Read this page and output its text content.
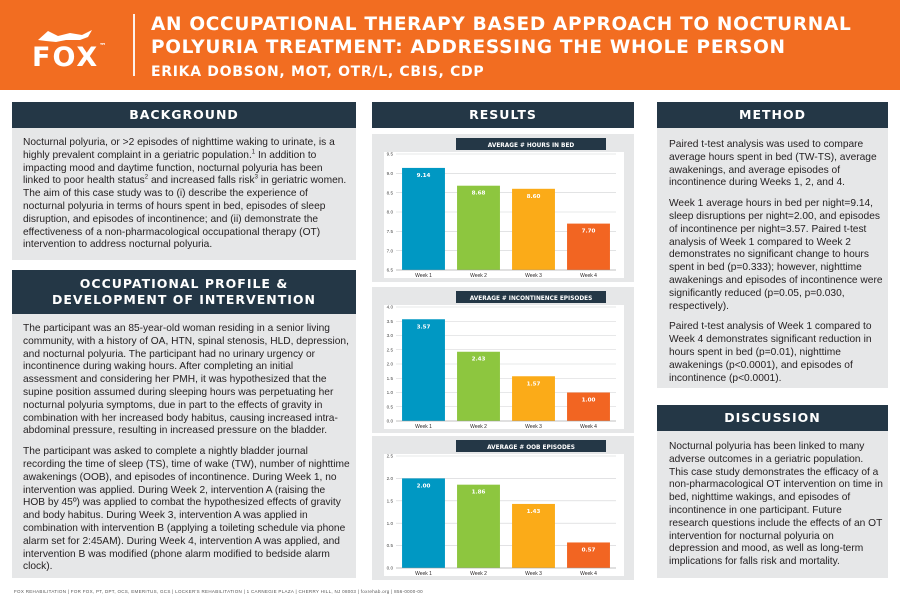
FOX™
AN OCCUPATIONAL THERAPY BASED APPROACH TO NOCTURNAL POLYURIA TREATMENT: ADDRESSING THE WHOLE PERSON
ERIKA DOBSON, MOT, OTR/L, CBIS, CDP
BACKGROUND

Nocturnal polyuria, or >2 episodes of nighttime waking to urinate, is a highly prevalent complaint in a geriatric population.$^1$ In addition to impacting mood and daytime function, nocturnal polyuria has been linked to poor health status$^2$ and increased falls risk$^3$ in geriatric women. The aim of this case study was to (i) describe the experience of nocturnal polyuria in terms of hours spent in bed, episodes of sleep disruption, and episodes of incontinence; and (ii) demonstrate the effectiveness of a non-pharmacological occupational therapy (OT) intervention to address nocturnal polyuria.

OCCUPATIONAL PROFILE &
DEVELOPMENT OF INTERVENTION

The participant was an 85-year-old woman residing in a senior living community, with a history of OA, HTN, spinal stenosis, HLD, depression, and nocturnal polyuria. The participant had no urinary urgency or incontinence during waking hours. After completing an initial assessment and considering her PMH, it was hypothesized that the supine position assumed during sleeping hours was perpetuating her nocturnal polyuria symptoms, due in part to the effects of gravity in combination with her increased body habitus, causing increased intra-abdominal pressure, resulting in increased pressure on the bladder.

The participant was asked to complete a nightly bladder journal recording the time of sleep (TS), time of wake (TW), number of nighttime awakenings (OOB), and episodes of incontinence. During Week 1, no intervention was applied. During Week 2, intervention A (raising the HOB by 45º) was applied to combat the hypothesized effects of gravity and body habitus. During Week 3, intervention A was applied in combination with intervention B (applying a toileting schedule via phone alarm set for 2:45AM). During Week 4, intervention A was applied, and intervention B was modified (phone alarm modified to bedside alarm clock).

RESULTS
AVERAGE # HOURS IN BED
6.5
7.0
7.5
8.0
8.5
9.0
9.5
9.14
Week 1
8.68
Week 2
8.60
Week 3
7.70
Week 4
AVERAGE # INCONTINENCE EPISODES
0.0
0.5
1.0
1.5
2.0
2.5
3.0
3.5
4.0
3.57
Week 1
2.43
Week 2
1.57
Week 3
1.00
Week 4
AVERAGE # OOB EPISODES
0.0
0.5
1.0
1.5
2.0
2.5
2.00
Week 1
1.86
Week 2
1.43
Week 3
0.57
Week 4
METHOD

Paired t-test analysis was used to compare average hours spent in bed (TW-TS), average awakenings, and average episodes of incontinence during Weeks 1, 2, and 4.

Week 1 average hours in bed per night=9.14, sleep disruptions per night=2.00, and episodes of incontinence per night=3.57. Paired t-test analysis of Week 1 compared to Week 2 demonstrates no significant change to hours spent in bed (p=0.333); however, nighttime awakenings and episodes of incontinence were significantly reduced (p=0.05, p=0.030, respectively).

Paired t-test analysis of Week 1 compared to Week 4 demonstrates significant reduction in hours spent in bed (p=0.01), nighttime awakenings (p<0.0001), and episodes of incontinence (p<0.0001).

DISCUSSION

Nocturnal polyuria has been linked to many adverse outcomes in a geriatric population. This case study demonstrates the efficacy of a non-pharmacological OT intervention on time in bed, nighttime wakings, and episodes of incontinence in one participant. Future research questions include the effects of an OT intervention for nocturnal polyuria on depression and mood, as well as long-term implications for falls risk and mortality.

FOX REHABILITATION | FOR FOX, PT, DPT, OCS, EMERITUS, GCS | LOCKER'S REHABILITATION | 1 CARNEGIE PLAZA | CHERRY HILL, NJ 08003 | foxrehab.org | 856-0000-00
